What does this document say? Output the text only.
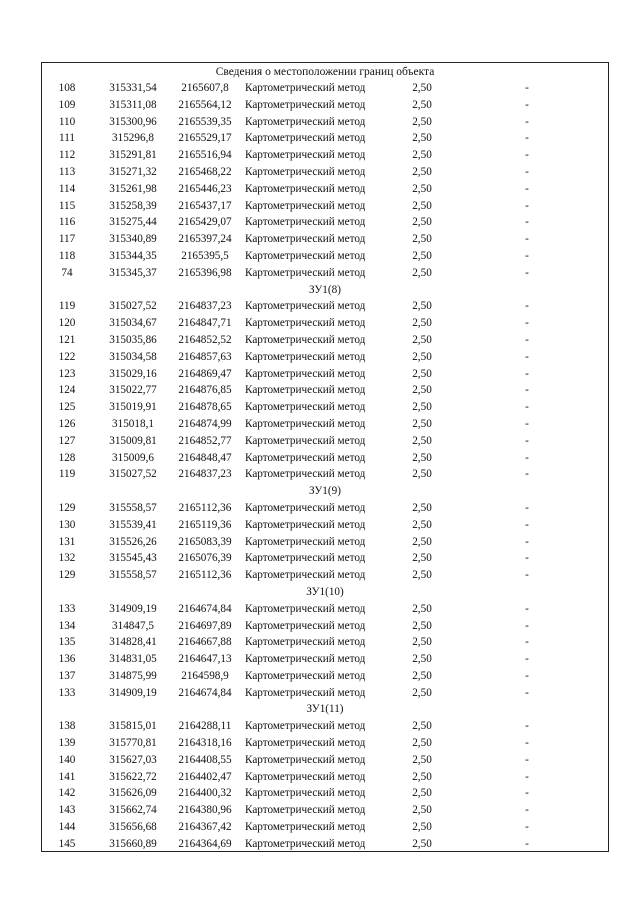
Сведения о местоположении границ объекта
108	315331,54	2165607,8	Картометрический метод	2,50	-
109	315311,08	2165564,12	Картометрический метод	2,50	-
110	315300,96	2165539,35	Картометрический метод	2,50	-
111	315296,8	2165529,17	Картометрический метод	2,50	-
112	315291,81	2165516,94	Картометрический метод	2,50	-
113	315271,32	2165468,22	Картометрический метод	2,50	-
114	315261,98	2165446,23	Картометрический метод	2,50	-
115	315258,39	2165437,17	Картометрический метод	2,50	-
116	315275,44	2165429,07	Картометрический метод	2,50	-
117	315340,89	2165397,24	Картометрический метод	2,50	-
118	315344,35	2165395,5	Картометрический метод	2,50	-
74	315345,37	2165396,98	Картометрический метод	2,50	-
ЗУ1(8)
119	315027,52	2164837,23	Картометрический метод	2,50	-
120	315034,67	2164847,71	Картометрический метод	2,50	-
121	315035,86	2164852,52	Картометрический метод	2,50	-
122	315034,58	2164857,63	Картометрический метод	2,50	-
123	315029,16	2164869,47	Картометрический метод	2,50	-
124	315022,77	2164876,85	Картометрический метод	2,50	-
125	315019,91	2164878,65	Картометрический метод	2,50	-
126	315018,1	2164874,99	Картометрический метод	2,50	-
127	315009,81	2164852,77	Картометрический метод	2,50	-
128	315009,6	2164848,47	Картометрический метод	2,50	-
119	315027,52	2164837,23	Картометрический метод	2,50	-
ЗУ1(9)
129	315558,57	2165112,36	Картометрический метод	2,50	-
130	315539,41	2165119,36	Картометрический метод	2,50	-
131	315526,26	2165083,39	Картометрический метод	2,50	-
132	315545,43	2165076,39	Картометрический метод	2,50	-
129	315558,57	2165112,36	Картометрический метод	2,50	-
ЗУ1(10)
133	314909,19	2164674,84	Картометрический метод	2,50	-
134	314847,5	2164697,89	Картометрический метод	2,50	-
135	314828,41	2164667,88	Картометрический метод	2,50	-
136	314831,05	2164647,13	Картометрический метод	2,50	-
137	314875,99	2164598,9	Картометрический метод	2,50	-
133	314909,19	2164674,84	Картометрический метод	2,50	-
ЗУ1(11)
138	315815,01	2164288,11	Картометрический метод	2,50	-
139	315770,81	2164318,16	Картометрический метод	2,50	-
140	315627,03	2164408,55	Картометрический метод	2,50	-
141	315622,72	2164402,47	Картометрический метод	2,50	-
142	315626,09	2164400,32	Картометрический метод	2,50	-
143	315662,74	2164380,96	Картометрический метод	2,50	-
144	315656,68	2164367,42	Картометрический метод	2,50	-
145	315660,89	2164364,69	Картометрический метод	2,50	-
